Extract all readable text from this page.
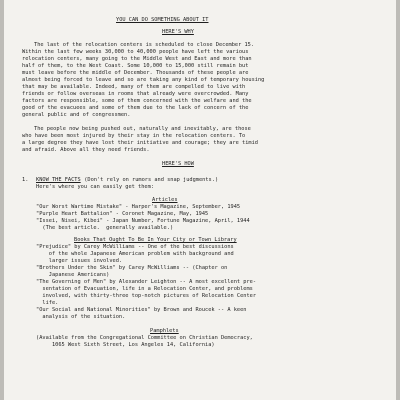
YOU CAN DO SOMETHING ABOUT IT
HERE'S WHY
The last of the relocation centers is scheduled to close December 15.
Within the last few weeks 30,000 to 40,000 people have left the various
relocation centers, many going to the Middle West and East and more than
half of them, to the West Coast. Some 10,000 to 15,000 still remain but
must leave before the middle of December. Thousands of these people are
almost being forced to leave and so are taking any kind of temporary housing
that may be available. Indeed, many of them are compelled to live with
friends or follow overseas in rooms that already were overcrowded. Many
factors are responsible, some of them concerned with the welfare and the
good of the evacuees and some of them due to the lack of concern of the
general public and of congressmen.
The people now being pushed out, naturally and inevitably, are those
who have been most injured by their stay in the relocation centers. To
a large degree they have lost their initiative and courage; they are timid
and afraid. Above all they need friends.
HERE'S HOW
1. KNOW THE FACTS (Don't rely on rumors and snap judgments.)
Here's where you can easily get them:
Articles
"Our Worst Wartime Mistake" - Harper's Magazine, September, 1945
"Purple Heart Battalion" - Coronet Magazine, May, 1945
"Issei, Nisei, Kibei" - Japan Number, Fortune Magazine, April, 1944
(The best article.  generally available.)
Books That Ought To Be In Your City or Town Library
"Prejudice" by Carey McWilliams -- One of the best discussions
of the whole Japanese American problem with background and
larger issues involved.
"Brothers Under the Skin" by Carey McWilliams -- (Chapter on
Japanese Americans)
"The Governing of Men" by Alexander Leighton -- A most excellent pre-
sentation of Evacuation, life in a Relocation Center, and problems
involved, with thirty-three top-notch pictures of Relocation Center
life.
"Our Social and National Minorities" by Brown and Roucek -- A keen
analysis of the situation.
Pamphlets
(Available from the Congregational Committee on Christian Democracy,
1065 West Sixth Street, Los Angeles 14, California)
